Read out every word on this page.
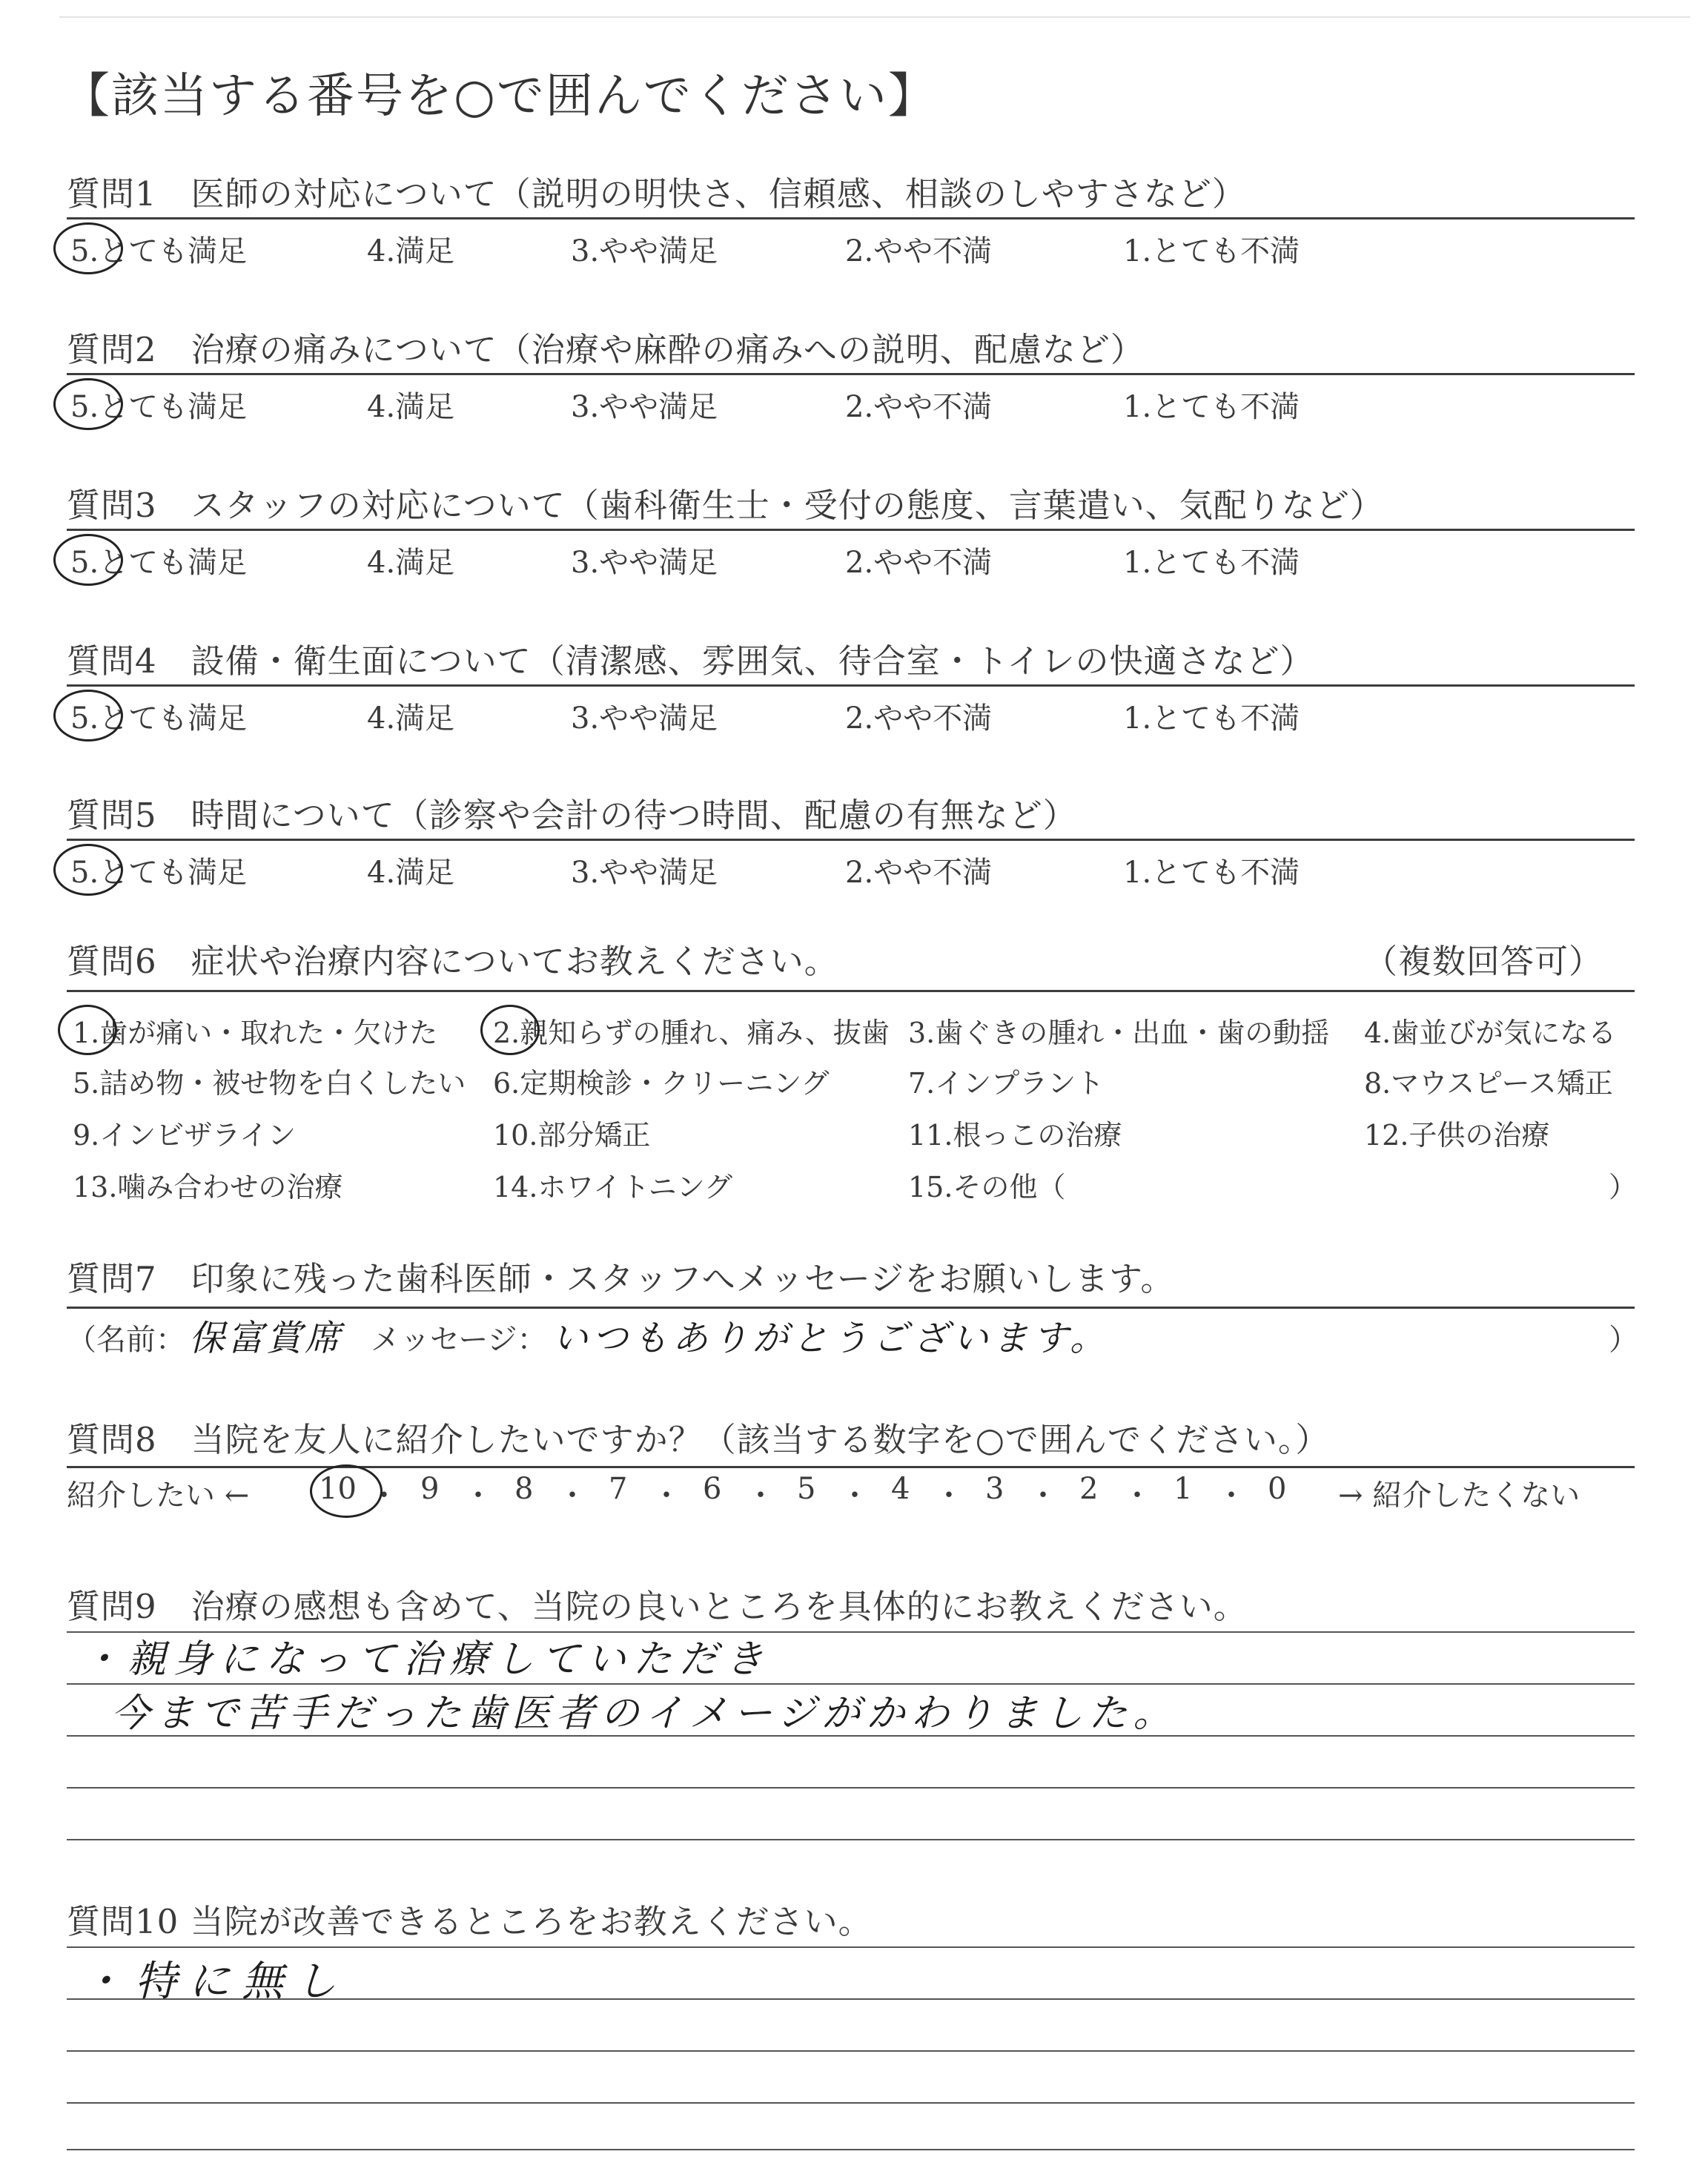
【該当する番号を○で囲んでください】
質問1　医師の対応について（説明の明快さ、信頼感、相談のしやすさなど）
5.とても満足	4.満足	3.やや満足	2.やや不満	1.とても不満
質問2　治療の痛みについて（治療や麻酔の痛みへの説明、配慮など）
5.とても満足	4.満足	3.やや満足	2.やや不満	1.とても不満
質問3　スタッフの対応について（歯科衛生士・受付の態度、言葉遣い、気配りなど）
5.とても満足	4.満足	3.やや満足	2.やや不満	1.とても不満
質問4　設備・衛生面について（清潔感、雰囲気、待合室・トイレの快適さなど）
5.とても満足	4.満足	3.やや満足	2.やや不満	1.とても不満
質問5　時間について（診察や会計の待つ時間、配慮の有無など）
5.とても満足	4.満足	3.やや満足	2.やや不満	1.とても不満
質問6　症状や治療内容についてお教えください。	（複数回答可）
1.歯が痛い・取れた・欠けた 2.親知らずの腫れ、痛み、抜歯 3.歯ぐきの腫れ・出血・歯の動揺 4.歯並びが気になる
5.詰め物・被せ物を白くしたい 6.定期検診・クリーニング	7.インプラント	8.マウスピース矯正
9.インビザライン	10.部分矯正	11.根っこの治療	12.子供の治療
13.噛み合わせの治療	14.ホワイトニング	15.その他（	）
質問7　印象に残った歯科医師・スタッフへメッセージをお願いします。
（名前： 保富賞席 メッセージ： いつもありがとうございます。	）
質問8　当院を友人に紹介したいですか？（該当する数字を○で囲んでください。）
紹介したい ←	→ 紹介したくない
10 ・ 9 ・ 8 ・ 7 ・ 6 ・ 5 ・ 4 ・ 3 ・ 2 ・ 1 ・ 0
質問9　治療の感想も含めて、当院の良いところを具体的にお教えください。
・親身になって治療していただき
今まで苦手だった歯医者のイメージがかわりました。
質問10 当院が改善できるところをお教えください。
・特に無し
